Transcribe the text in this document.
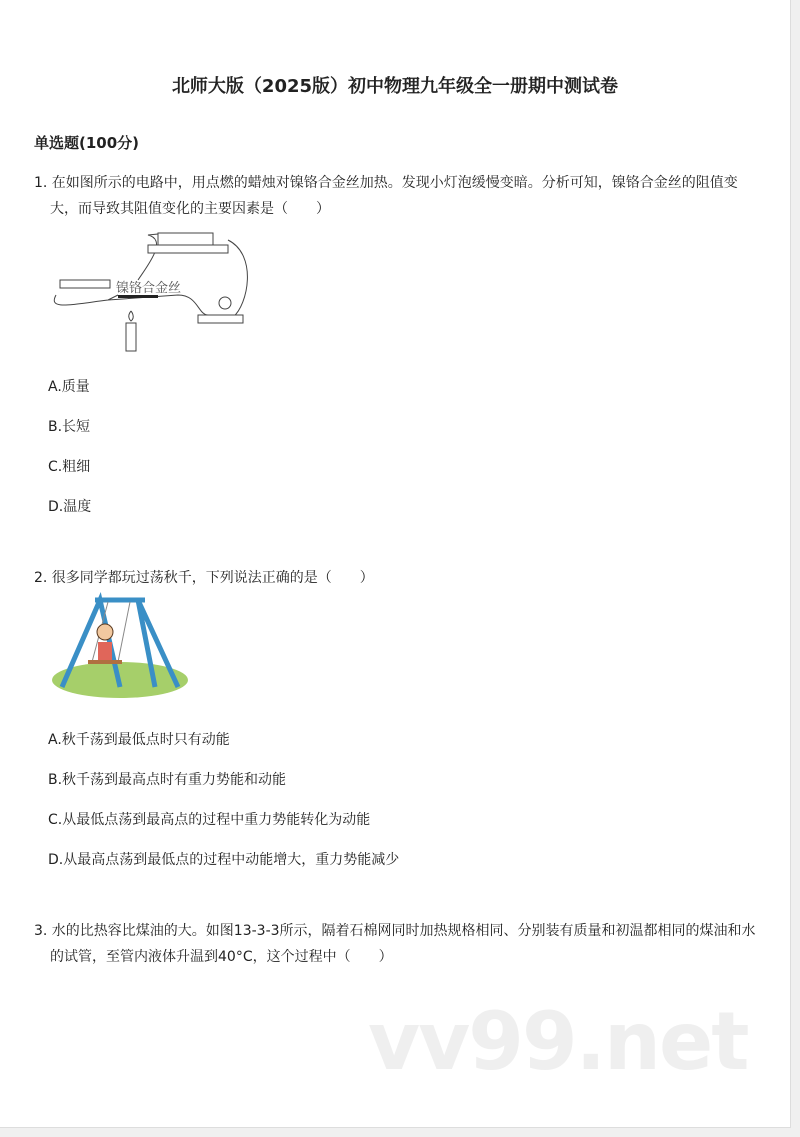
北师大版（2025版）初中物理九年级全一册期中测试卷
单选题(100分)
1. 在如图所示的电路中，用点燃的蜡烛对镍铬合金丝加热。发现小灯泡缓慢变暗。分析可知，镍铬合金丝的阻值变大，而导致其阻值变化的主要因素是（　　）
镍铬合金丝
A.质量
B.长短
C.粗细
D.温度
2. 很多同学都玩过荡秋千，下列说法正确的是（　　）
A.秋千荡到最低点时只有动能
B.秋千荡到最高点时有重力势能和动能
C.从最低点荡到最高点的过程中重力势能转化为动能
D.从最高点荡到最低点的过程中动能增大，重力势能减少
3. 水的比热容比煤油的大。如图13-3-3所示，隔着石棉网同时加热规格相同、分别装有质量和初温都相同的煤油和水的试管，至管内液体升温到40°C，这个过程中（　　）
vv99.net
